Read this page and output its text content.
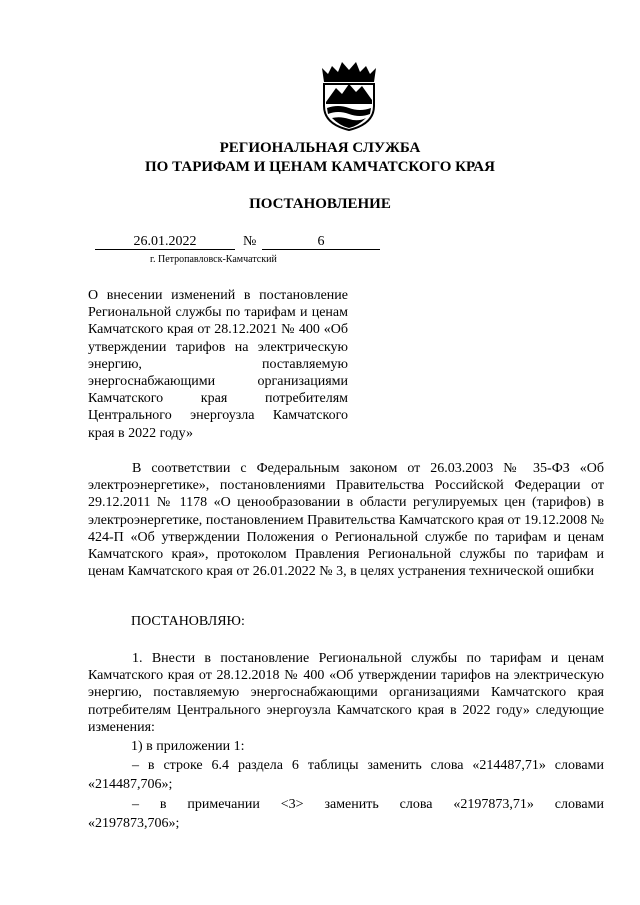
РЕГИОНАЛЬНАЯ СЛУЖБА
ПО ТАРИФАМ И ЦЕНАМ КАМЧАТСКОГО КРАЯ
ПОСТАНОВЛЕНИЕ
26.01.2022	№	6
г. Петропавловск-Камчатский
О внесении изменений в постановление Региональной службы по тарифам и ценам Камчатского края от 28.12.2021 № 400 «Об утверждении тарифов на электрическую энергию, поставляемую энергоснабжающими организациями Камчатского края потребителям Центрального энергоузла Камчатского края в 2022 году»
В соответствии с Федеральным законом от 26.03.2003 № 35-ФЗ «Об электроэнергетике», постановлениями Правительства Российской Федерации от 29.12.2011 № 1178 «О ценообразовании в области регулируемых цен (тарифов) в электроэнергетике, постановлением Правительства Камчатского края от 19.12.2008 № 424-П «Об утверждении Положения о Региональной службе по тарифам и ценам Камчатского края», протоколом Правления Региональной службы по тарифам и ценам Камчатского края от 26.01.2022 № 3, в целях устранения технической ошибки
ПОСТАНОВЛЯЮ:
1. Внести в постановление Региональной службы по тарифам и ценам Камчатского края от 28.12.2018 № 400 «Об утверждении тарифов на электрическую энергию, поставляемую энергоснабжающими организациями Камчатского края потребителям Центрального энергоузла Камчатского края в 2022 году» следующие изменения:
1) в приложении 1:
– в строке 6.4 раздела 6 таблицы заменить слова «214487,71» словами
«214487,706»;
– в примечании <3> заменить слова «2197873,71» словами
«2197873,706»;
